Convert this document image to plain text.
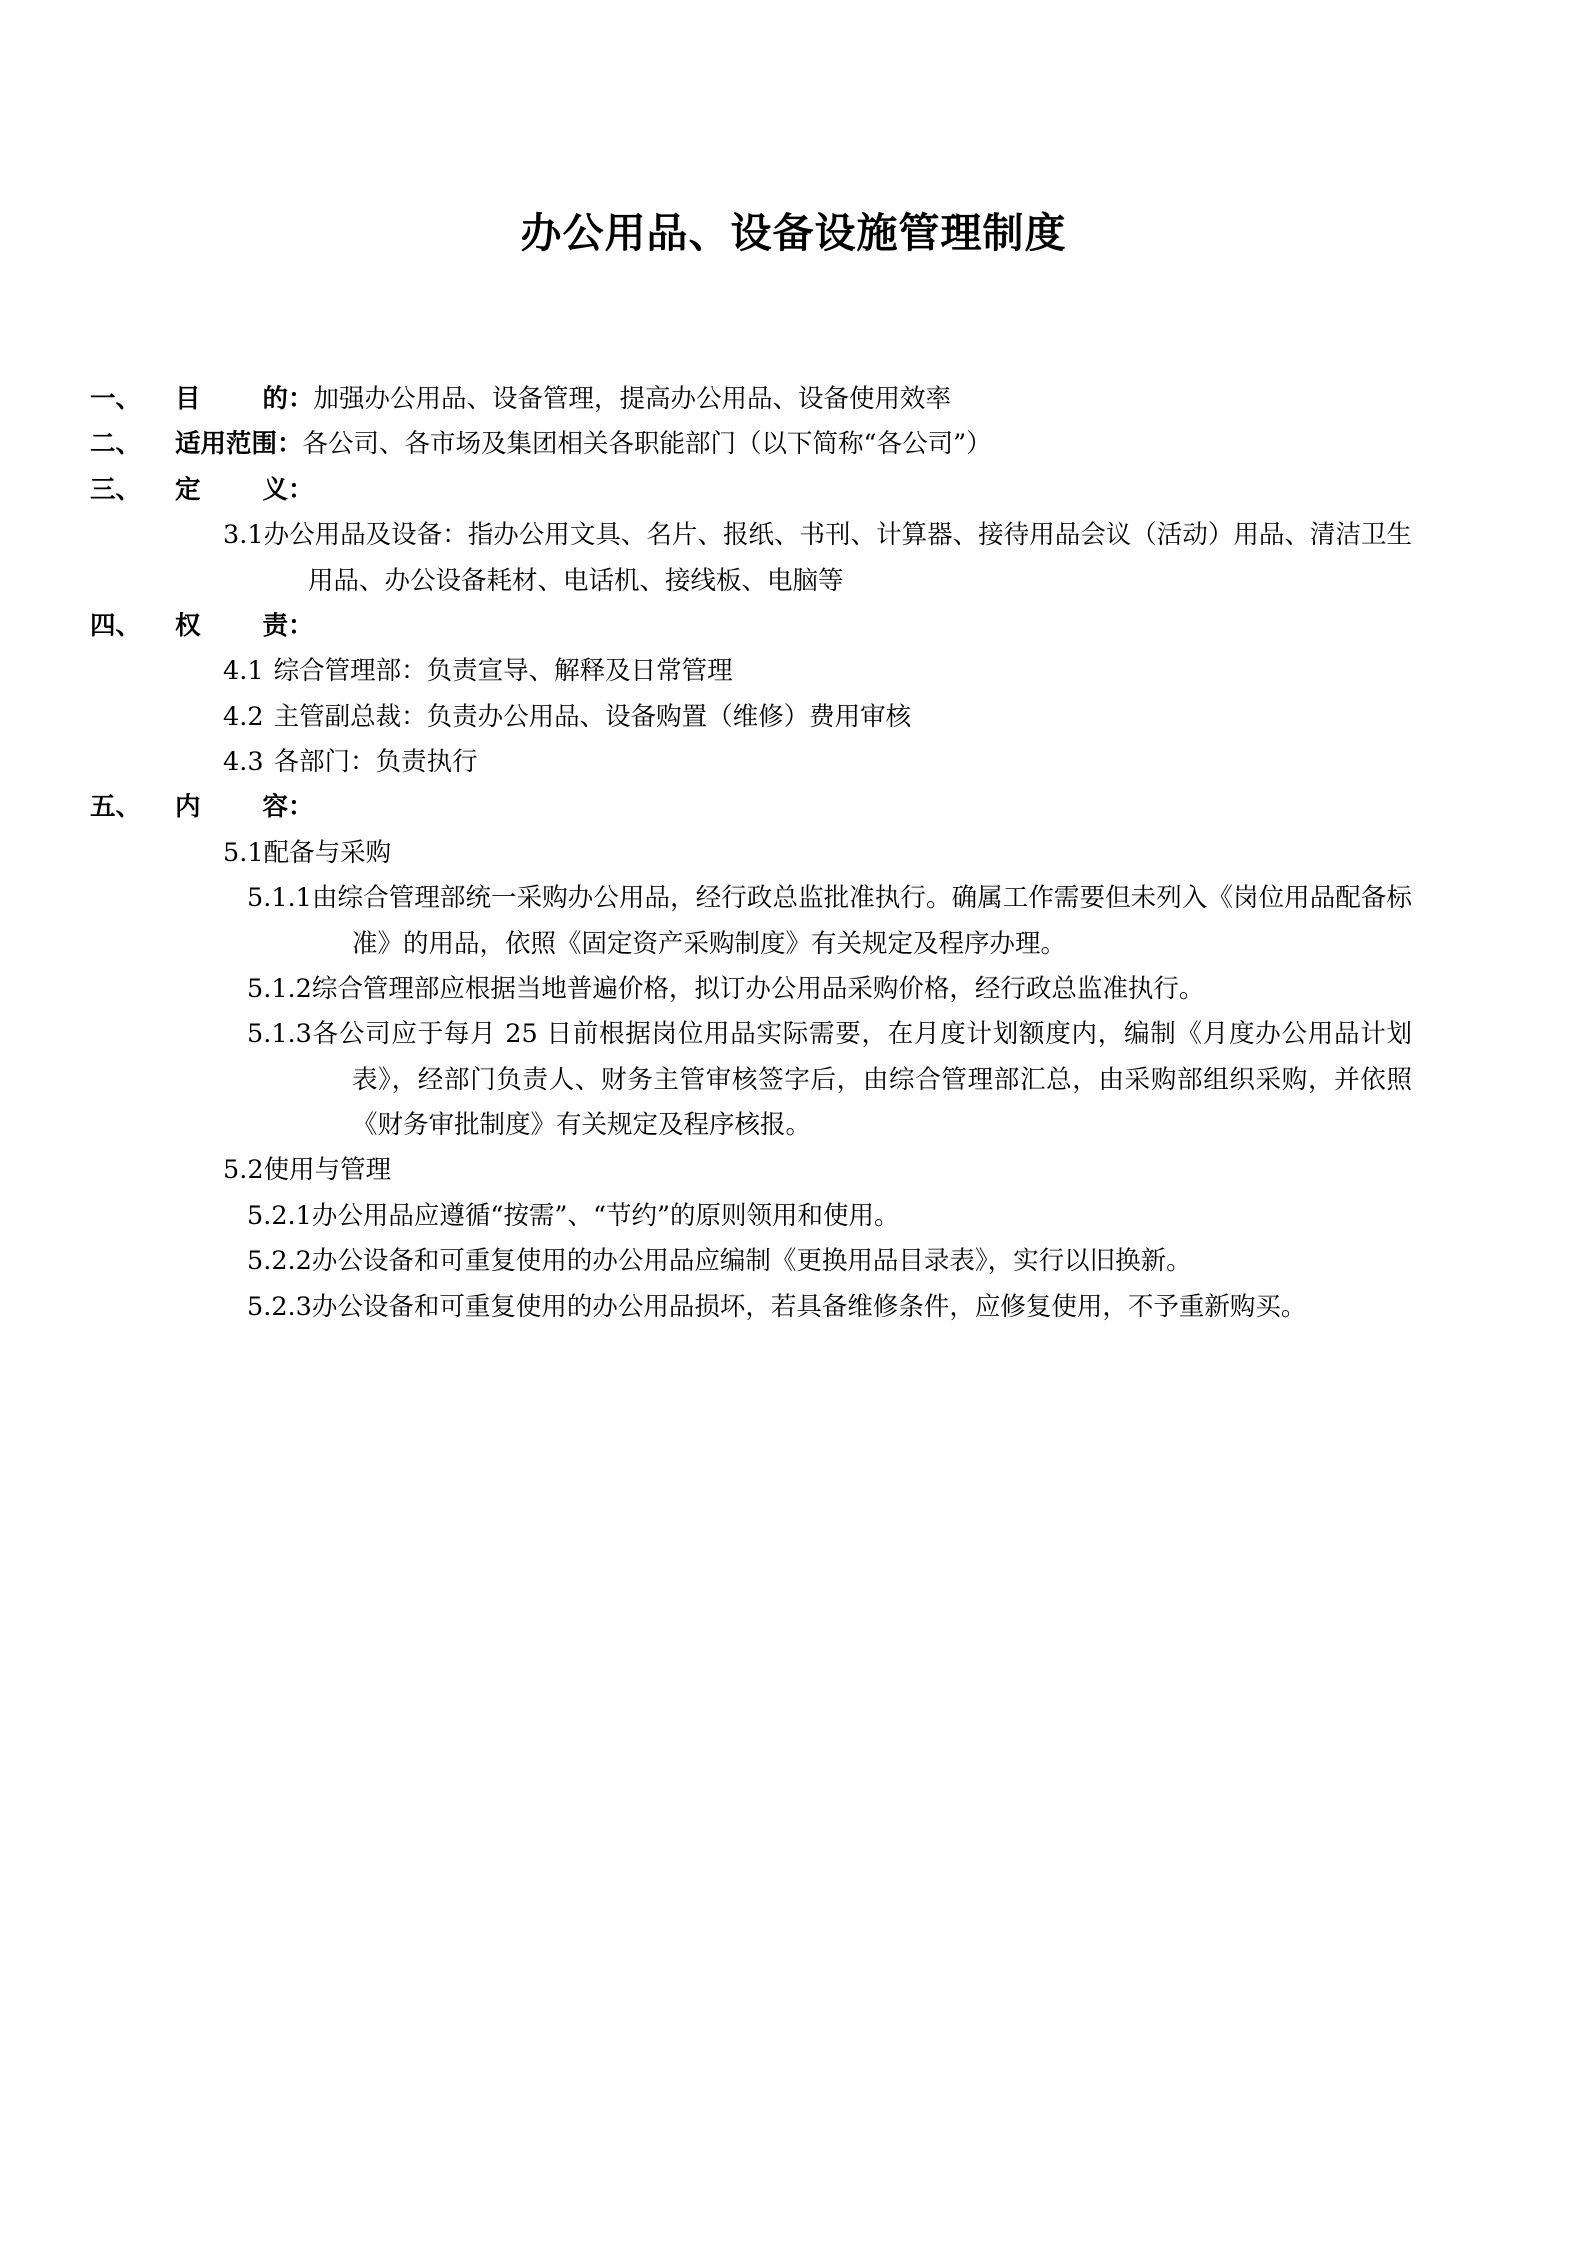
办公用品、设备设施管理制度

一、 目 的：加强办公用品、设备管理，提高办公用品、设备使用效率

二、 适用范围：各公司、各市场及集团相关各职能部门（以下简称“各公司”）

三、 定 义：

3.1办公用品及设备：指办公用文具、名片、报纸、书刊、计算器、接待用品会议（活动）用品、清洁卫生用品、办公设备耗材、电话机、接线板、电脑等

四、 权 责：

4.1 综合管理部：负责宣导、解释及日常管理

4.2 主管副总裁：负责办公用品、设备购置（维修）费用审核

4.3 各部门：负责执行

五、 内 容：

5.1配备与采购

5.1.1由综合管理部统一采购办公用品，经行政总监批准执行。确属工作需要但未列入《岗位用品配备标准》的用品，依照《固定资产采购制度》有关规定及程序办理。

5.1.2综合管理部应根据当地普遍价格，拟订办公用品采购价格，经行政总监准执行。

5.1.3各公司应于每月 25 日前根据岗位用品实际需要，在月度计划额度内，编制《月度办公用品计划表》，经部门负责人、财务主管审核签字后，由综合管理部汇总，由采购部组织采购，并依照《财务审批制度》有关规定及程序核报。

5.2使用与管理

5.2.1办公用品应遵循“按需”、“节约”的原则领用和使用。

5.2.2办公设备和可重复使用的办公用品应编制《更换用品目录表》，实行以旧换新。

5.2.3办公设备和可重复使用的办公用品损坏，若具备维修条件，应修复使用，不予重新购买。
